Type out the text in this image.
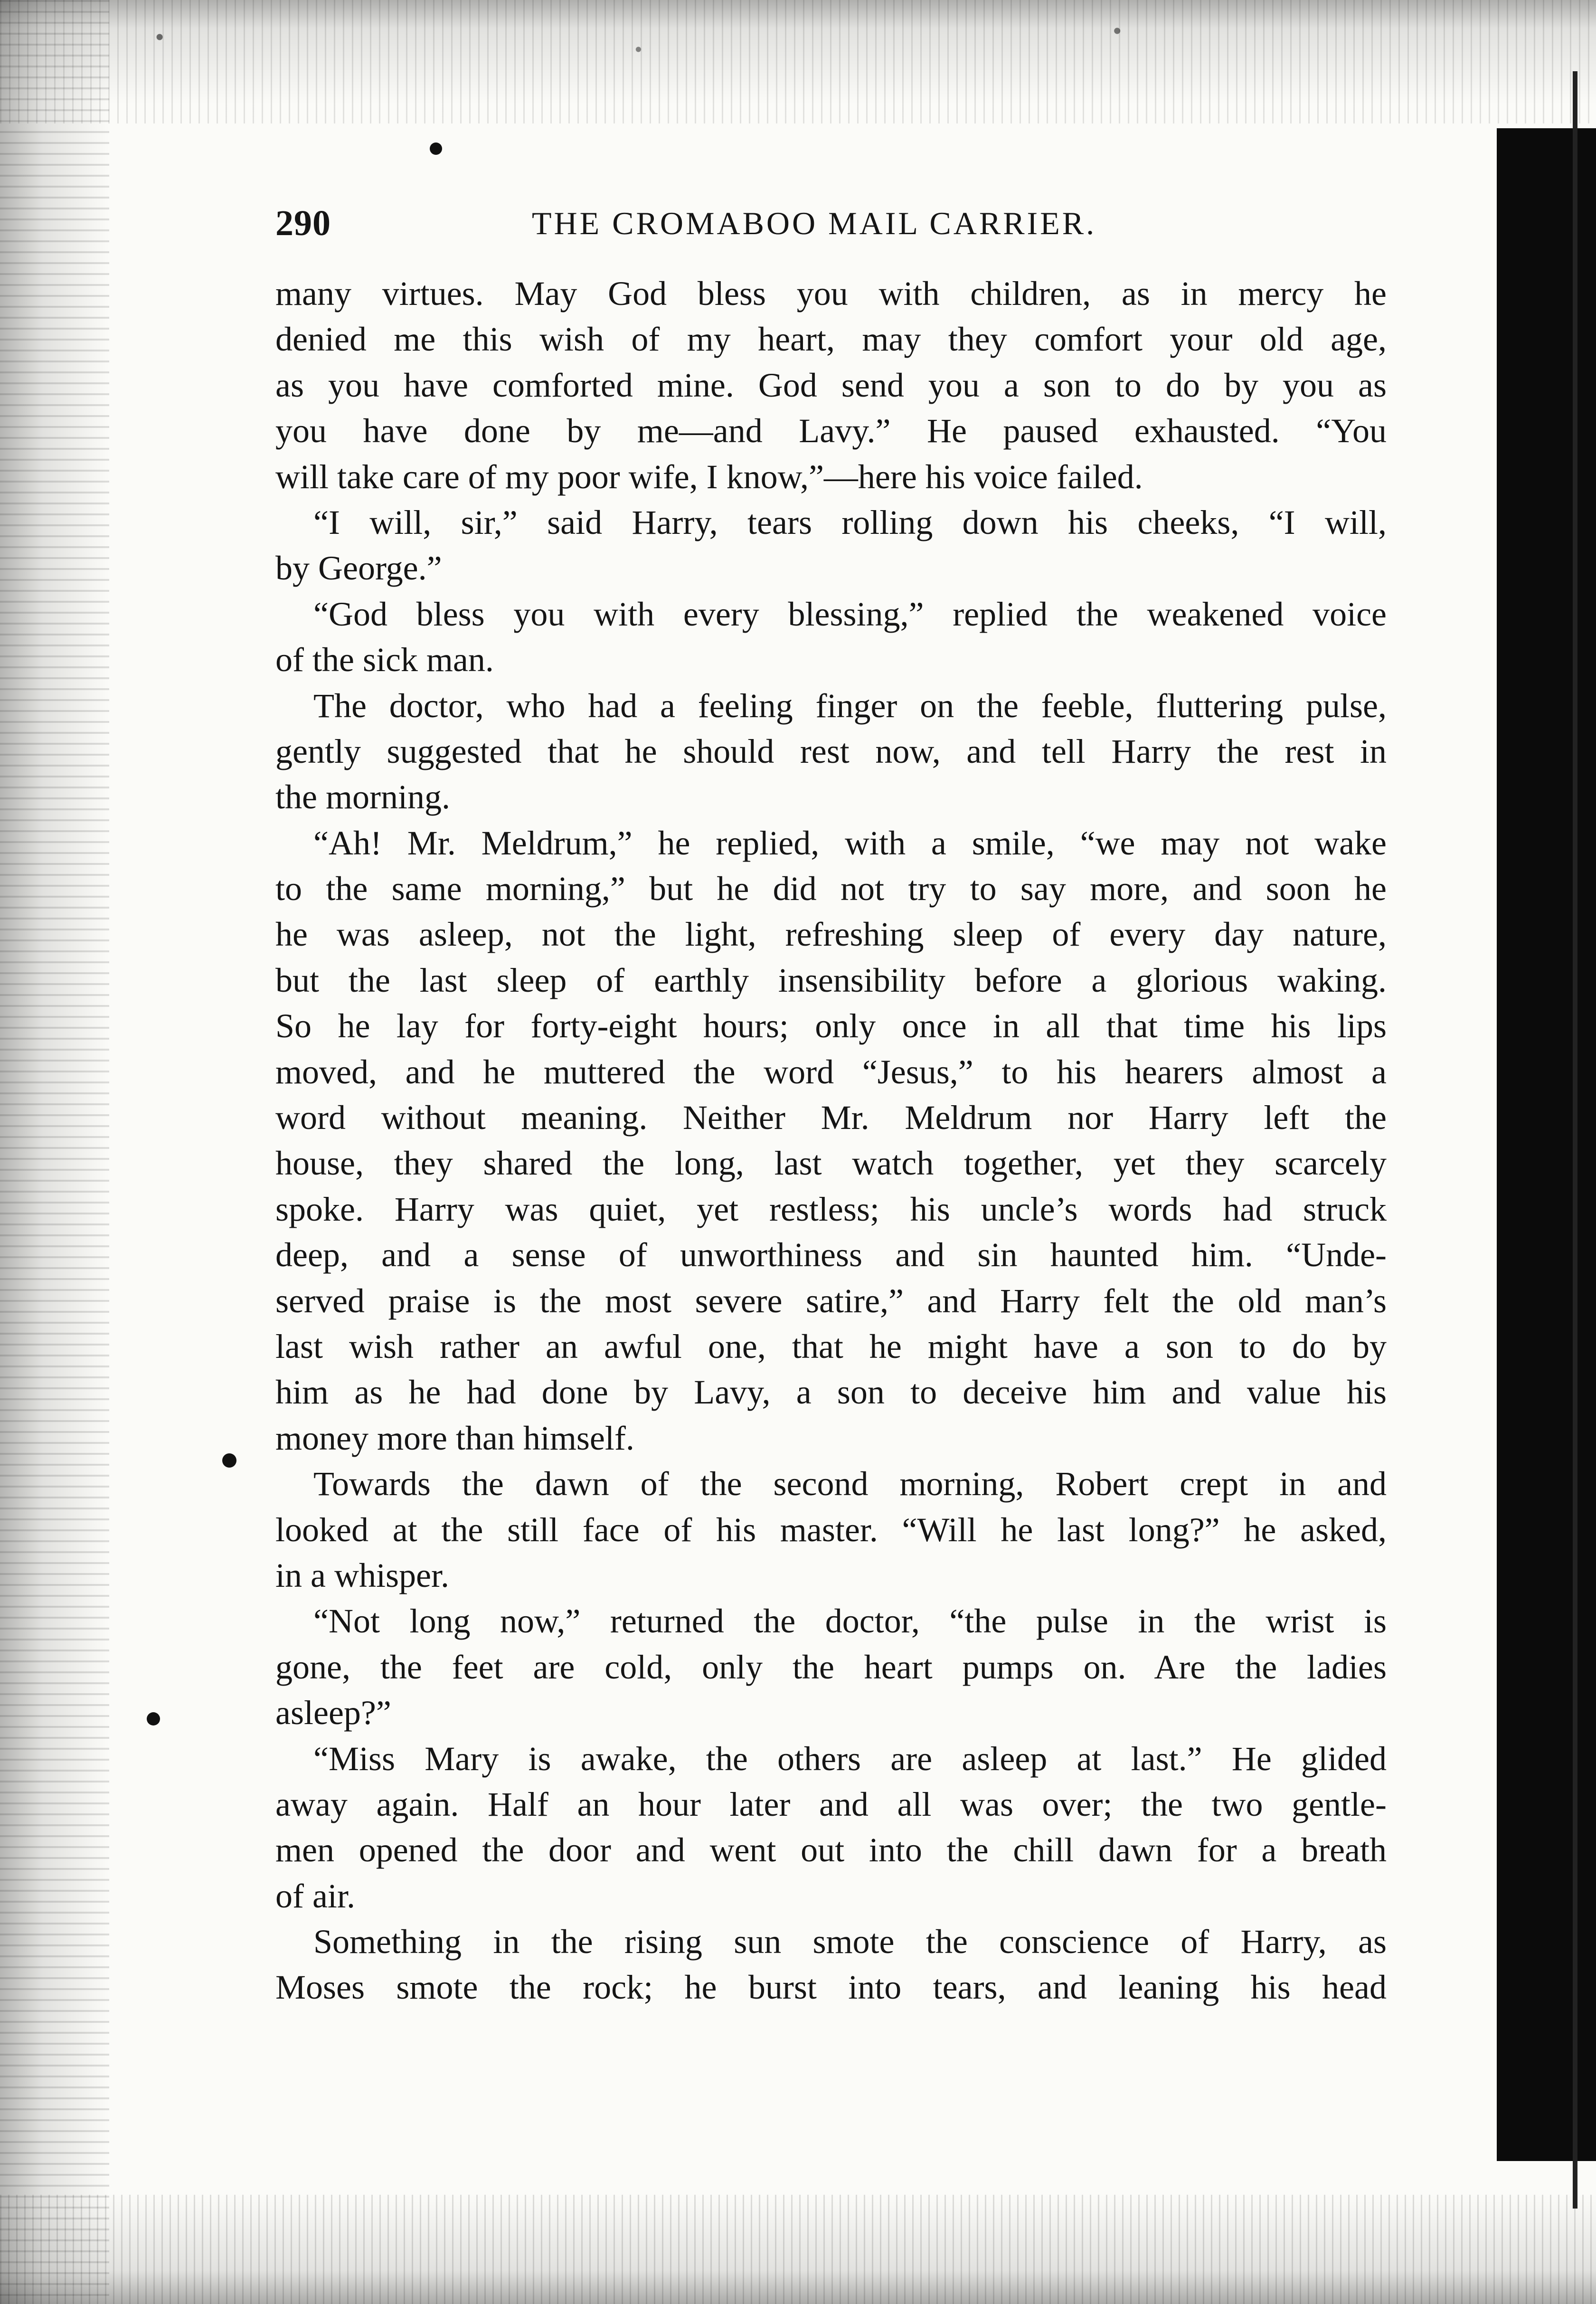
290	THE CROMABOO MAIL CARRIER.
many virtues. May God bless you with children, as in mercy he
denied me this wish of my heart, may they comfort your old age,
as you have comforted mine. God send you a son to do by you as
you have done by me—and Lavy.” He paused exhausted. “You
will take care of my poor wife, I know,”—here his voice failed.
“I will, sir,” said Harry, tears rolling down his cheeks, “I will,
by George.”
“God bless you with every blessing,” replied the weakened voice
of the sick man.
The doctor, who had a feeling finger on the feeble, fluttering pulse,
gently suggested that he should rest now, and tell Harry the rest in
the morning.
“Ah! Mr. Meldrum,” he replied, with a smile, “we may not wake
to the same morning,” but he did not try to say more, and soon he
he was asleep, not the light, refreshing sleep of every day nature,
but the last sleep of earthly insensibility before a glorious waking.
So he lay for forty-eight hours; only once in all that time his lips
moved, and he muttered the word “Jesus,” to his hearers almost a
word without meaning. Neither Mr. Meldrum nor Harry left the
house, they shared the long, last watch together, yet they scarcely
spoke. Harry was quiet, yet restless; his uncle’s words had struck
deep, and a sense of unworthiness and sin haunted him. “Unde-
served praise is the most severe satire,” and Harry felt the old man’s
last wish rather an awful one, that he might have a son to do by
him as he had done by Lavy, a son to deceive him and value his
money more than himself.
Towards the dawn of the second morning, Robert crept in and
looked at the still face of his master. “Will he last long?” he asked,
in a whisper.
“Not long now,” returned the doctor, “the pulse in the wrist is
gone, the feet are cold, only the heart pumps on. Are the ladies
asleep?”
“Miss Mary is awake, the others are asleep at last.” He glided
away again. Half an hour later and all was over; the two gentle-
men opened the door and went out into the chill dawn for a breath
of air.
Something in the rising sun smote the conscience of Harry, as
Moses smote the rock; he burst into tears, and leaning his head
